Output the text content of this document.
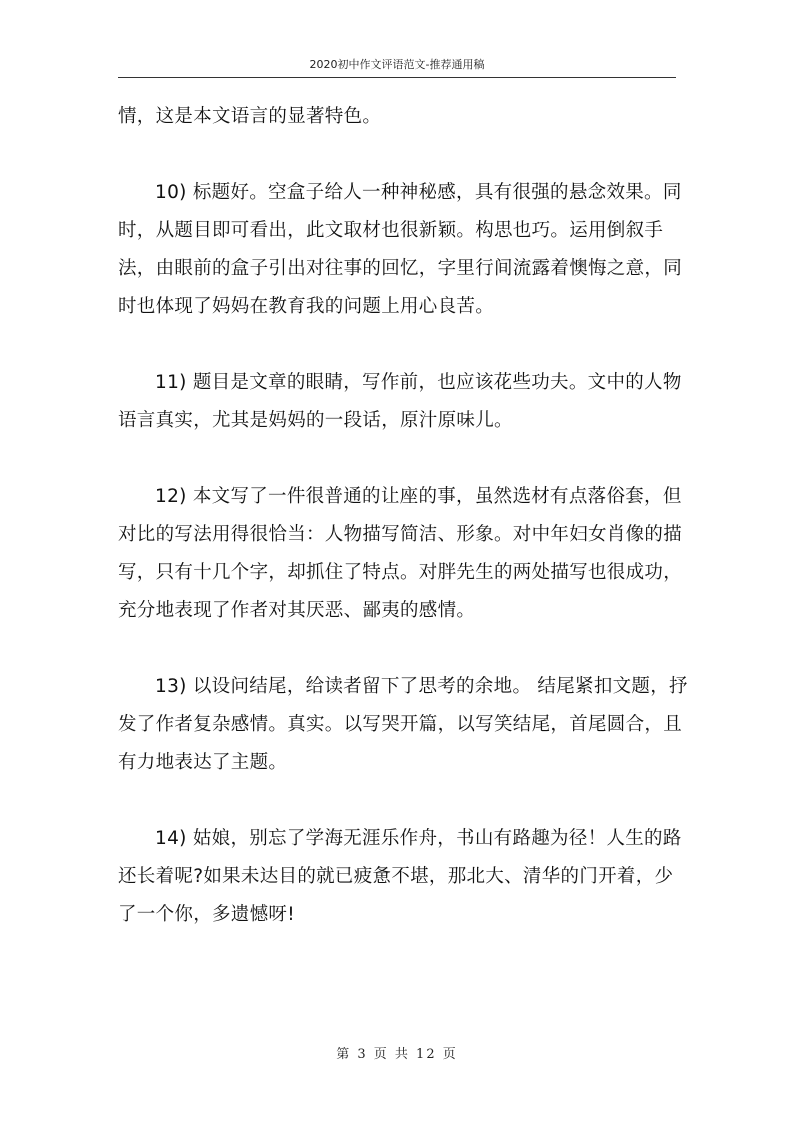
2020初中作文评语范文-推荐通用稿

情，这是本文语言的显著特色。

10) 标题好。空盒子给人一种神秘感，具有很强的悬念效果。同时，从题目即可看出，此文取材也很新颖。构思也巧。运用倒叙手法，由眼前的盒子引出对往事的回忆，字里行间流露着懊悔之意，同时也体现了妈妈在教育我的问题上用心良苦。

11) 题目是文章的眼睛，写作前，也应该花些功夫。文中的人物语言真实，尤其是妈妈的一段话，原汁原味儿。

12) 本文写了一件很普通的让座的事，虽然选材有点落俗套，但对比的写法用得很恰当：人物描写简洁、形象。对中年妇女肖像的描写，只有十几个字，却抓住了特点。对胖先生的两处描写也很成功，充分地表现了作者对其厌恶、鄙夷的感情。

13) 以设问结尾，给读者留下了思考的余地。 结尾紧扣文题，抒发了作者复杂感情。真实。以写哭开篇，以写笑结尾，首尾圆合，且有力地表达了主题。

14) 姑娘，别忘了学海无涯乐作舟，书山有路趣为径！人生的路还长着呢?如果未达目的就已疲惫不堪，那北大、清华的门开着，少了一个你，多遗憾呀!

第 3 页 共 12 页
